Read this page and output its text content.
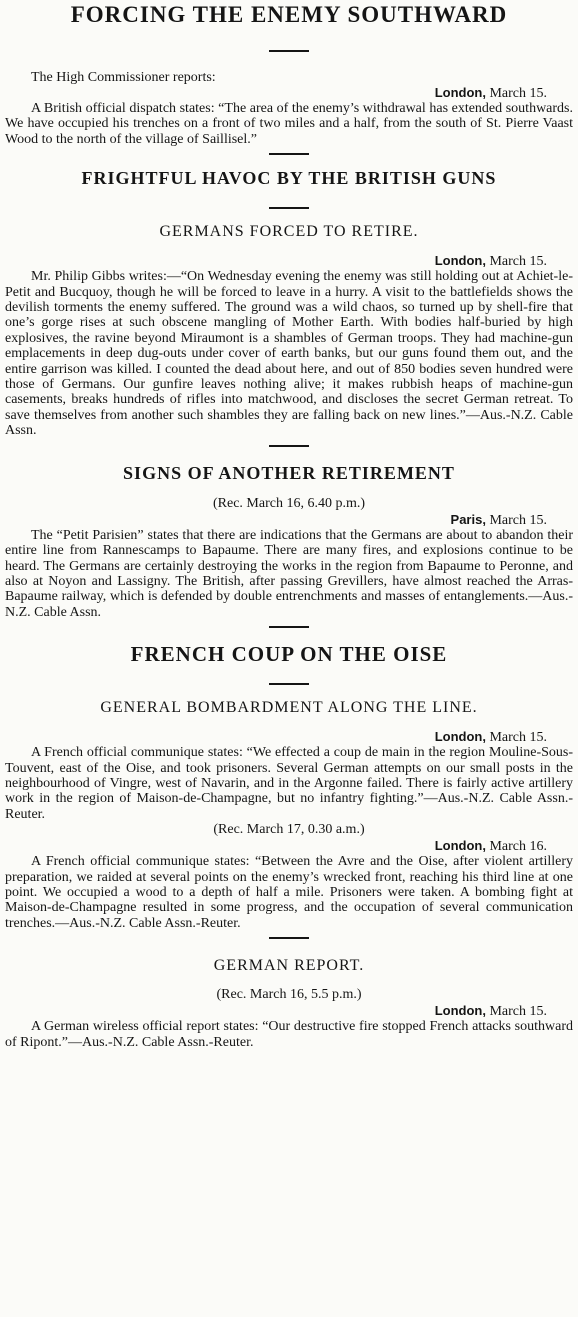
FORCING THE ENEMY SOUTHWARD
The High Commissioner reports:
London, March 15.

A British official dispatch states: “The area of the enemy’s withdrawal has extended southwards. We have occupied his trenches on a front of two miles and a half, from the south of St. Pierre Vaast Wood to the north of the village of Saillisel.”

FRIGHTFUL HAVOC BY THE BRITISH GUNS
GERMANS FORCED TO RETIRE.
London, March 15.

Mr. Philip Gibbs writes:—“On Wednesday evening the enemy was still holding out at Achiet-le-Petit and Bucquoy, though he will be forced to leave in a hurry. A visit to the battlefields shows the devilish torments the enemy suffered. The ground was a wild chaos, so turned up by shell-fire that one’s gorge rises at such obscene mangling of Mother Earth. With bodies half-buried by high explosives, the ravine beyond Miraumont is a shambles of German troops. They had machine-gun emplacements in deep dug-outs under cover of earth banks, but our guns found them out, and the entire garrison was killed. I counted the dead about here, and out of 850 bodies seven hundred were those of Germans. Our gunfire leaves nothing alive; it makes rubbish heaps of machine-gun casements, breaks hundreds of rifles into matchwood, and discloses the secret German retreat. To save themselves from another such shambles they are falling back on new lines.”—Aus.-N.Z. Cable Assn.

SIGNS OF ANOTHER RETIREMENT
(Rec. March 16, 6.40 p.m.)
Paris, March 15.

The “Petit Parisien” states that there are indications that the Germans are about to abandon their entire line from Rannescamps to Bapaume. There are many fires, and explosions continue to be heard. The Germans are certainly destroying the works in the region from Bapaume to Peronne, and also at Noyon and Lassigny. The British, after passing Grevillers, have almost reached the Arras-Bapaume railway, which is defended by double entrenchments and masses of entanglements.—Aus.-N.Z. Cable Assn.

FRENCH COUP ON THE OISE
GENERAL BOMBARDMENT ALONG THE LINE.
London, March 15.

A French official communique states: “We effected a coup de main in the region Mouline-Sous-Touvent, east of the Oise, and took prisoners. Several German attempts on our small posts in the neighbourhood of Vingre, west of Navarin, and in the Argonne failed. There is fairly active artillery work in the region of Maison-de-Champagne, but no infantry fighting.”—Aus.-N.Z. Cable Assn.-Reuter.

(Rec. March 17, 0.30 a.m.)
London, March 16.

A French official communique states: “Between the Avre and the Oise, after violent artillery preparation, we raided at several points on the enemy’s wrecked front, reaching his third line at one point. We occupied a wood to a depth of half a mile. Prisoners were taken. A bombing fight at Maison-de-Champagne resulted in some progress, and the occupation of several communication trenches.—Aus.-N.Z. Cable Assn.-Reuter.

GERMAN REPORT.
(Rec. March 16, 5.5 p.m.)
London, March 15.

A German wireless official report states: “Our destructive fire stopped French attacks southward of Ripont.”—Aus.-N.Z. Cable Assn.-Reuter.
